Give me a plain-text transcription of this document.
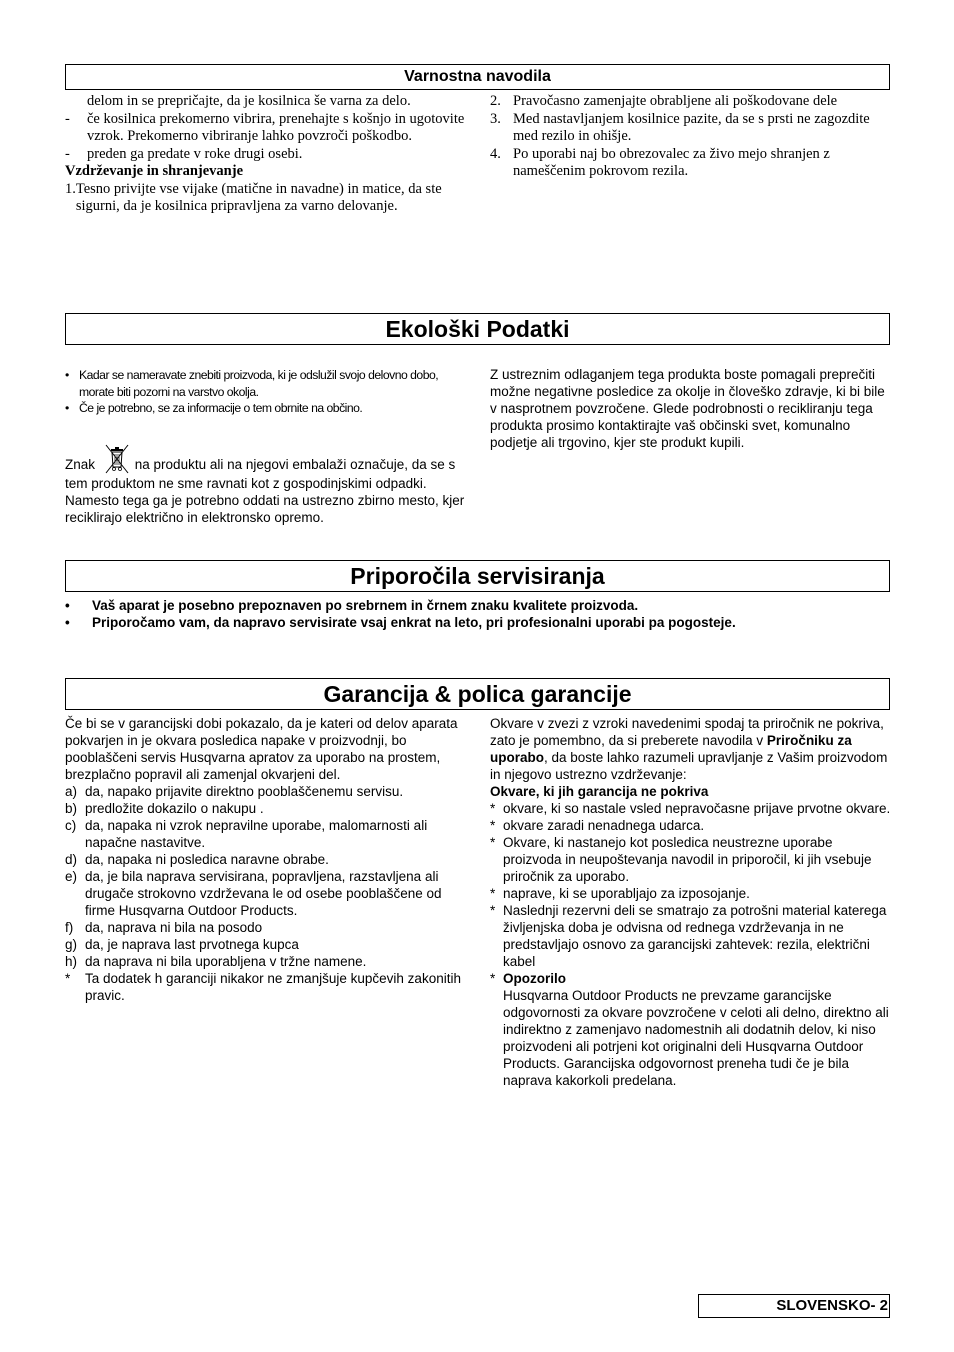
Varnostna navodila
delom in se prepričajte, da je kosilnica še varna za delo.
-	če kosilnica prekomerno vibrira, prenehajte s košnjo in ugotovite vzrok. Prekomerno vibriranje lahko povzroči poškodbo.
-	preden ga predate v roke drugi osebi.
Vzdrževanje in shranjevanje
1. Tesno privijte vse vijake (matične in navadne) in matice, da ste sigurni, da je kosilnica pripravljena za varno delovanje.
2. Pravočasno zamenjajte obrabljene ali poškodovane dele
3. Med nastavljanjem kosilnice pazite, da se s prsti ne zagozdite med rezilo in ohišje.
4. Po uporabi naj bo obrezovalec za živo mejo shranjen z nameščenim pokrovom rezila.
Ekološki Podatki
• Kadar se nameravate znebiti proizvoda, ki je odslužil svojo delovno dobo, morate biti pozorni na varstvo okolja.
• Če je potrebno, se za informacije o tem obrnite na občino.
Znak	na produktu ali na njegovi embalaži označuje, da se s tem produktom ne sme ravnati kot z gospodinjskimi odpadki. Namesto tega ga je potrebno oddati na ustrezno zbirno mesto, kjer reciklirajo električno in elektronsko opremo.
Z ustreznim odlaganjem tega produkta boste pomagali preprečiti možne negativne posledice za okolje in človeško zdravje, ki bi bile v nasprotnem povzročene. Glede podrobnosti o recikliranju tega produkta prosimo kontaktirajte vaš občinski svet, komunalno podjetje ali trgovino, kjer ste produkt kupili.
Priporočila servisiranja
•	Vaš aparat je posebno prepoznaven po srebrnem in črnem znaku kvalitete proizvoda.
•	Priporočamo vam, da napravo servisirate vsaj enkrat na leto, pri profesionalni uporabi pa pogosteje.
Garancija & polica garancije
Če bi se v garancijski dobi pokazalo, da je kateri od delov aparata pokvarjen in je okvara posledica napake v proizvodnji, bo pooblaščeni servis Husqvarna apratov za uporabo na prostem, brezplačno popravil ali zamenjal okvarjeni del.
a) da, napako prijavite direktno pooblaščenemu servisu.
b) predložite dokazilo o nakupu .
c) da, napaka ni vzrok nepravilne uporabe, malomarnosti ali napačne nastavitve.
d) da, napaka ni posledica naravne obrabe.
e) da, je bila naprava servisirana, popravljena, razstavljena ali drugače strokovno vzdrževana le od osebe pooblaščene od firme Husqvarna Outdoor Products.
f) da, naprava ni bila na posodo
g) da, je naprava last prvotnega kupca
h) da naprava ni bila uporabljena v tržne namene.
*	Ta dodatek h garanciji nikakor ne zmanjšuje kupčevih zakonitih pravic.
Okvare v zvezi z vzroki navedenimi spodaj ta priročnik ne pokriva, zato je pomembno, da si preberete navodila v Priročniku za uporabo, da boste lahko razumeli upravljanje z Vašim proizvodom in njegovo ustrezno vzdrževanje:
Okvare, ki jih garancija ne pokriva
* okvare, ki so nastale vsled nepravočasne prijave prvotne okvare.
* okvare zaradi nenadnega udarca.
* Okvare, ki nastanejo kot posledica neustrezne uporabe proizvoda in neupoštevanja navodil in priporočil, ki jih vsebuje priročnik za uporabo.
* naprave, ki se uporabljajo za izposojanje.
* Naslednji rezervni deli se smatrajo za potrošni material katerega življenjska doba je odvisna od rednega vzdrževanja in ne predstavljajo osnovo za garancijski zahtevek: rezila, električni kabel
* Opozorilo
Husqvarna Outdoor Products ne prevzame garancijske odgovornosti za okvare povzročene v celoti ali delno, direktno ali indirektno z zamenjavo nadomestnih ali dodatnih delov, ki niso proizvodeni ali potrjeni kot originalni deli Husqvarna Outdoor Products. Garancijska odgovornost preneha tudi če je bila naprava kakorkoli predelana.
SLOVENSKO- 2
